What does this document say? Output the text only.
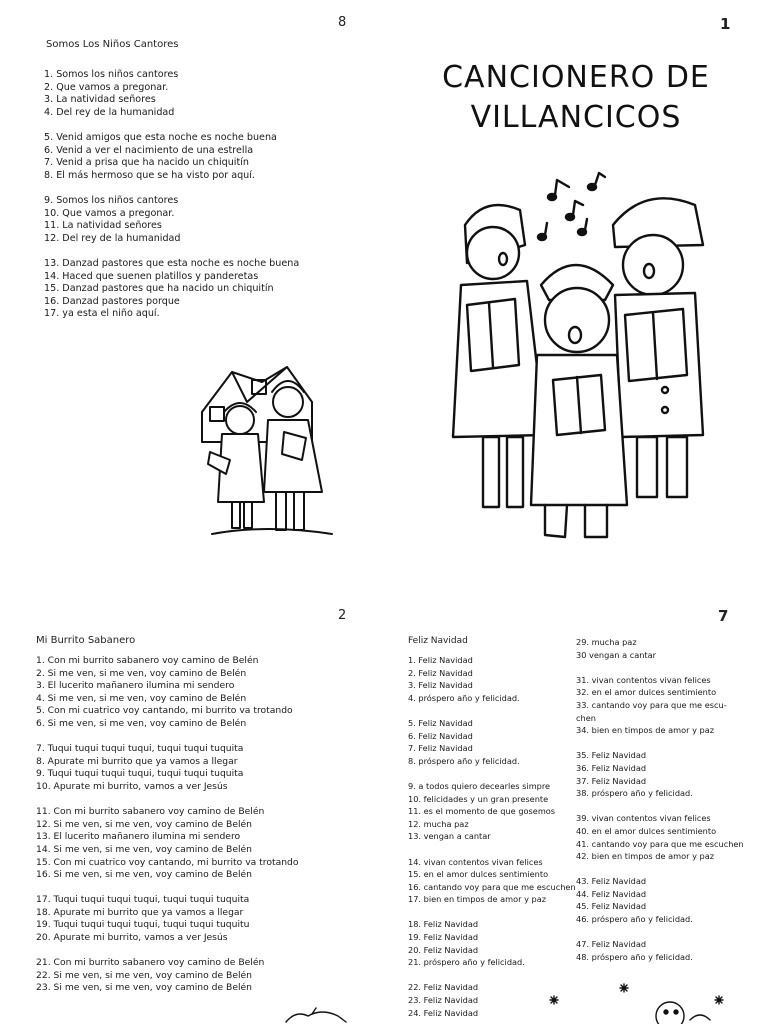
8	1
2	7
Somos Los Niños Cantores
1. Somos los niños cantores
2. Que vamos a pregonar.
3. La natividad señores
4. Del rey de la humanidad
5. Venid amigos que esta noche es noche buena
6. Venid a ver el nacimiento de una estrella
7. Venid a prisa que ha nacido un chiquitín
8. El más hermoso que se ha visto por aquí.
9. Somos los niños cantores
10. Que vamos a pregonar.
11. La natividad señores
12. Del rey de la humanidad
13. Danzad pastores que esta noche es noche buena
14. Haced que suenen platillos y panderetas
15. Danzad pastores que ha nacido un chiquitín
16. Danzad pastores porque
17. ya esta el niño aquí.
CANCIONERO DE
VILLANCICOS
Mi Burrito Sabanero
1. Con mi burrito sabanero voy camino de Belén
2. Si me ven, si me ven, voy camino de Belén
3. El lucerito mañanero ilumina mi sendero
4. Si me ven, si me ven, voy camino de Belén
5. Con mi cuatrico voy cantando, mi burrito va trotando
6. Si me ven, si me ven, voy camino de Belén
7. Tuqui tuqui tuqui tuqui, tuqui tuqui tuquita
8. Apurate mi burrito que ya vamos a llegar
9. Tuqui tuqui tuqui tuqui, tuqui tuqui tuquita
10. Apurate mi burrito, vamos a ver Jesús
11. Con mi burrito sabanero voy camino de Belén
12. Si me ven, si me ven, voy camino de Belén
13. El lucerito mañanero ilumina mi sendero
14. Si me ven, si me ven, voy camino de Belén
15. Con mi cuatrico voy cantando, mi burrito va trotando
16. Si me ven, si me ven, voy camino de Belén
17. Tuqui tuqui tuqui tuqui, tuqui tuqui tuquita
18. Apurate mi burrito que ya vamos a llegar
19. Tuqui tuqui tuqui tuqui, tuqui tuqui tuquitu
20. Apurate mi burrito, vamos a ver Jesús
21. Con mi burrito sabanero voy camino de Belén
22. Si me ven, si me ven, voy camino de Belén
23. Si me ven, si me ven, voy camino de Belén
Feliz Navidad
1. Feliz Navidad
2. Feliz Navidad
3. Feliz Navidad
4. próspero año y felicidad.
5. Feliz Navidad
6. Feliz Navidad
7. Feliz Navidad
8. próspero año y felicidad.
9. a todos quiero decearles simpre
10. felicidades y un gran presente
11. es el momento de que gosemos
12. mucha paz
13. vengan a cantar
14. vivan contentos vivan felices
15. en el amor dulces sentimiento
16. cantando voy para que me escuchen
17. bien en timpos de amor y paz
18. Feliz Navidad
19. Feliz Navidad
20. Feliz Navidad
21. próspero año y felicidad.
22. Feliz Navidad
23. Feliz Navidad
24. Feliz Navidad
29. mucha paz
30 vengan a cantar
31. vivan contentos vivan felices
32. en el amor dulces sentimiento
33. cantando voy para que me escu-
chen
34. bien en timpos de amor y paz
35. Feliz Navidad
36. Feliz Navidad
37. Feliz Navidad
38. próspero año y felicidad.
39. vivan contentos vivan felices
40. en el amor dulces sentimiento
41. cantando voy para que me escuchen
42. bien en timpos de amor y paz
43. Feliz Navidad
44. Feliz Navidad
45. Feliz Navidad
46. próspero año y felicidad.
47. Feliz Navidad
48. próspero año y felicidad.
